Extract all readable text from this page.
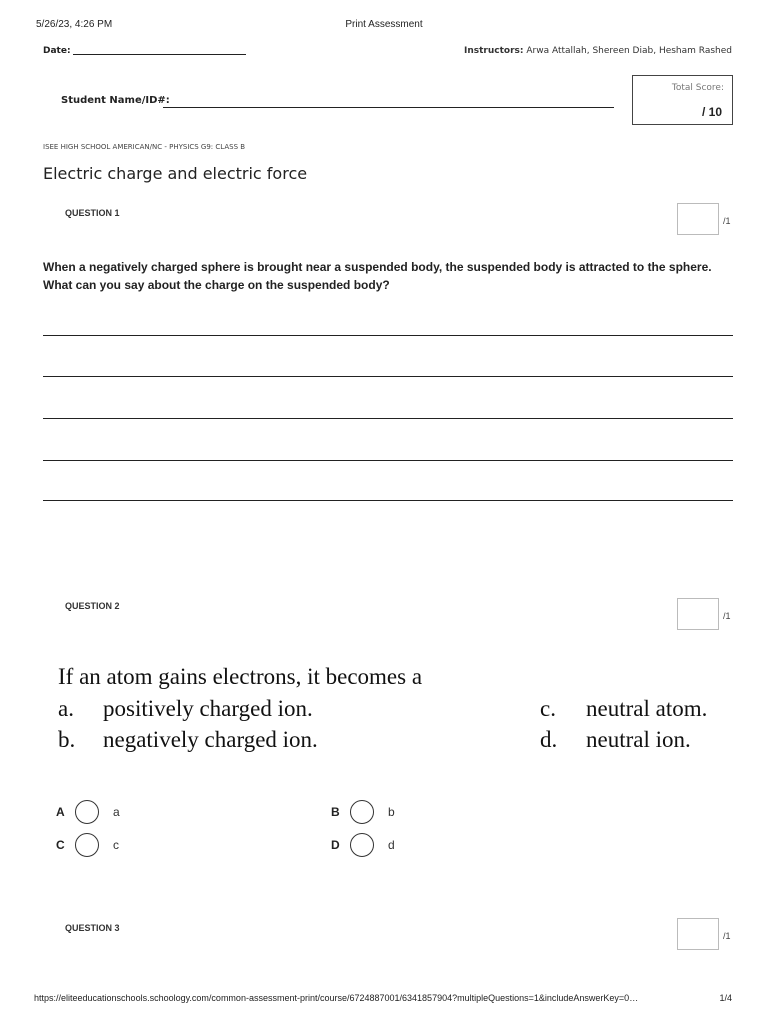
5/26/23, 4:26 PM	Print Assessment
Date:	Instructors: Arwa Attallah, Shereen Diab, Hesham Rashed
Student Name/ID#:
Total Score:
/ 10
ISEE HIGH SCHOOL AMERICAN/NC - PHYSICS G9: CLASS B
Electric charge and electric force
QUESTION 1
/1
When a negatively charged sphere is brought near a suspended body, the suspended body is attracted to the sphere. What can you say about the charge on the suspended body?
QUESTION 2
/1
If an atom gains electrons, it becomes a
a. positively charged ion.
b. negatively charged ion.
c. neutral atom.
d. neutral ion.
A	a	B	b
C	c	D	d
QUESTION 3
/1
https://eliteeducationschools.schoology.com/common-assessment-print/course/6724887001/6341857904?multipleQuestions=1&includeAnswerKey=0…	1/4
